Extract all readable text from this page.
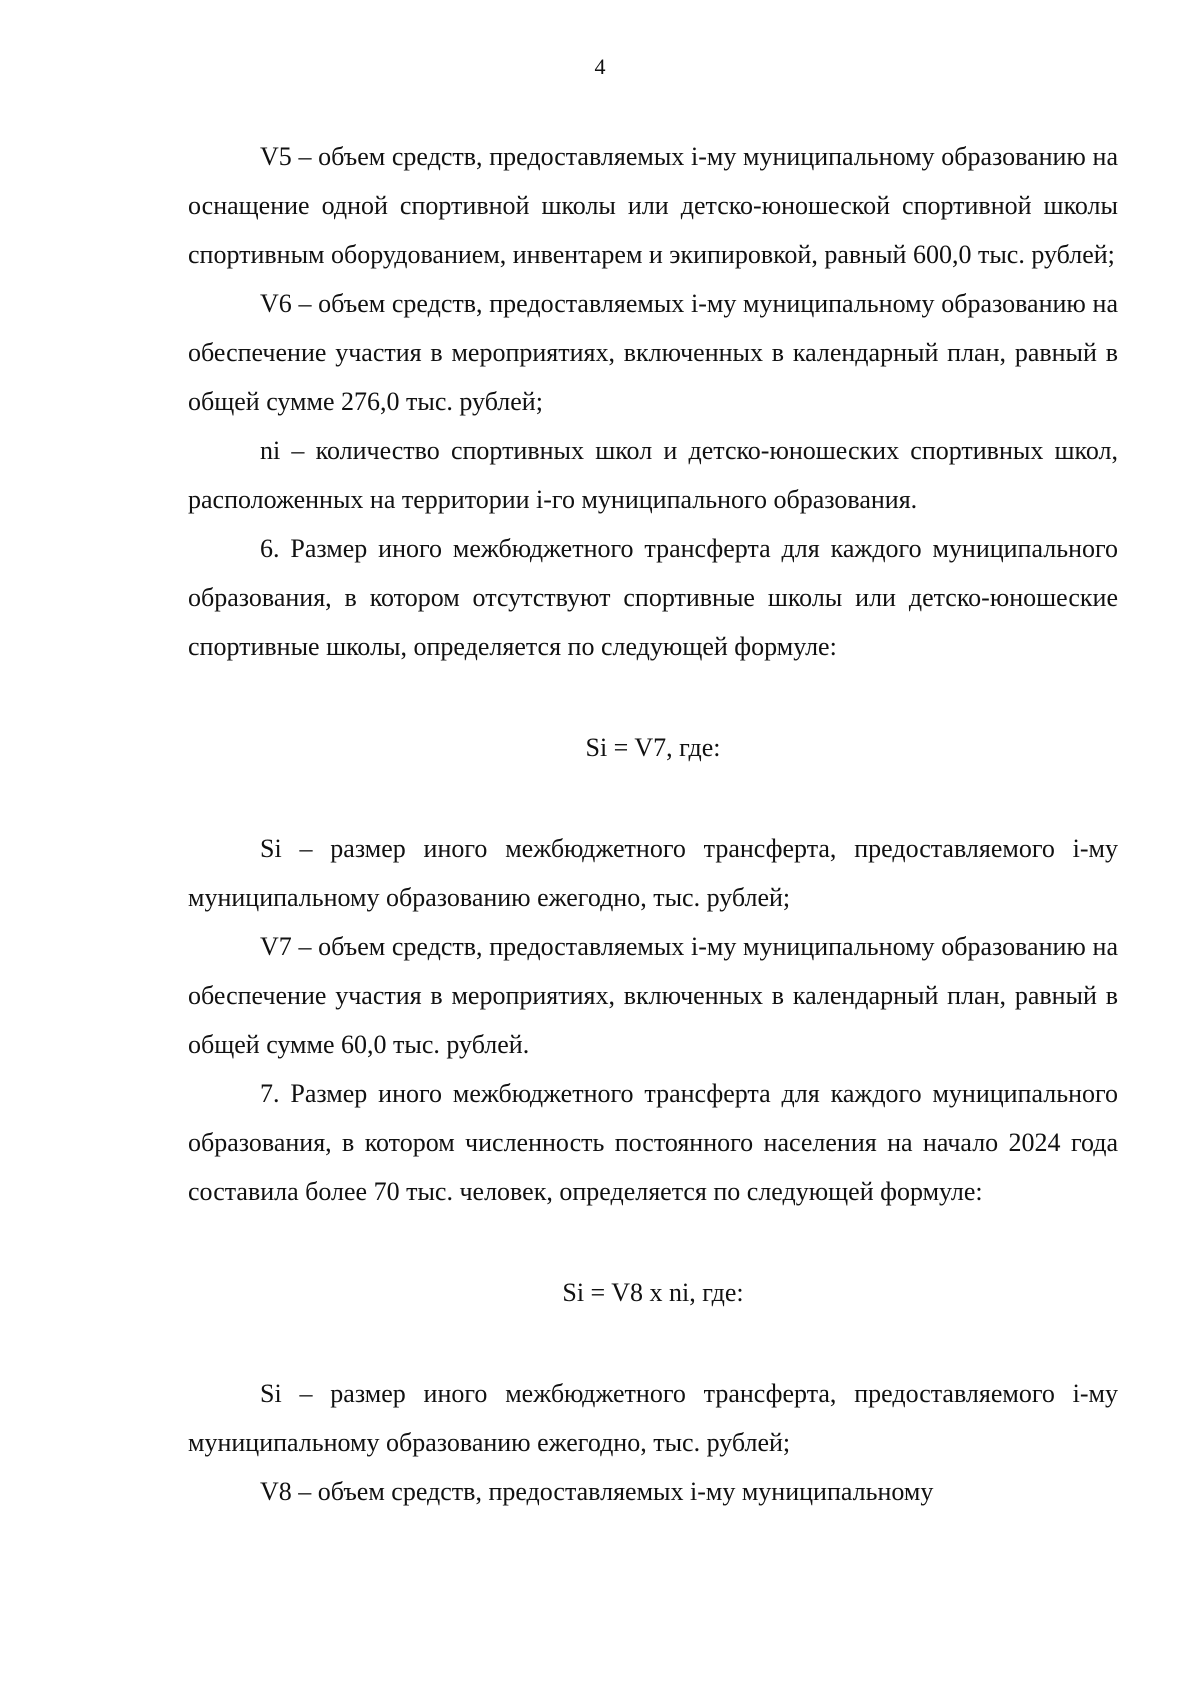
4

V5 – объем средств, предоставляемых i-му муниципальному образованию на оснащение одной спортивной школы или детско-юношеской спортивной школы спортивным оборудованием, инвентарем и экипировкой, равный 600,0 тыс. рублей;

V6 – объем средств, предоставляемых i-му муниципальному образованию на обеспечение участия в мероприятиях, включенных в календарный план, равный в общей сумме 276,0 тыс. рублей;

ni – количество спортивных школ и детско-юношеских спортивных школ, расположенных на территории i-го муниципального образования.

6. Размер иного межбюджетного трансферта для каждого муниципального образования, в котором отсутствуют спортивные школы или детско-юношеские спортивные школы, определяется по следующей формуле:

Si = V7, где:

Si – размер иного межбюджетного трансферта, предоставляемого i-му муниципальному образованию ежегодно, тыс. рублей;

V7 – объем средств, предоставляемых i-му муниципальному образованию на обеспечение участия в мероприятиях, включенных в календарный план, равный в общей сумме 60,0 тыс. рублей.

7. Размер иного межбюджетного трансферта для каждого муниципального образования, в котором численность постоянного населения на начало 2024 года составила более 70 тыс. человек, определяется по следующей формуле:

Si = V8 x ni, где:

Si – размер иного межбюджетного трансферта, предоставляемого i-му муниципальному образованию ежегодно, тыс. рублей;

V8 – объем средств, предоставляемых i-му муниципальному
